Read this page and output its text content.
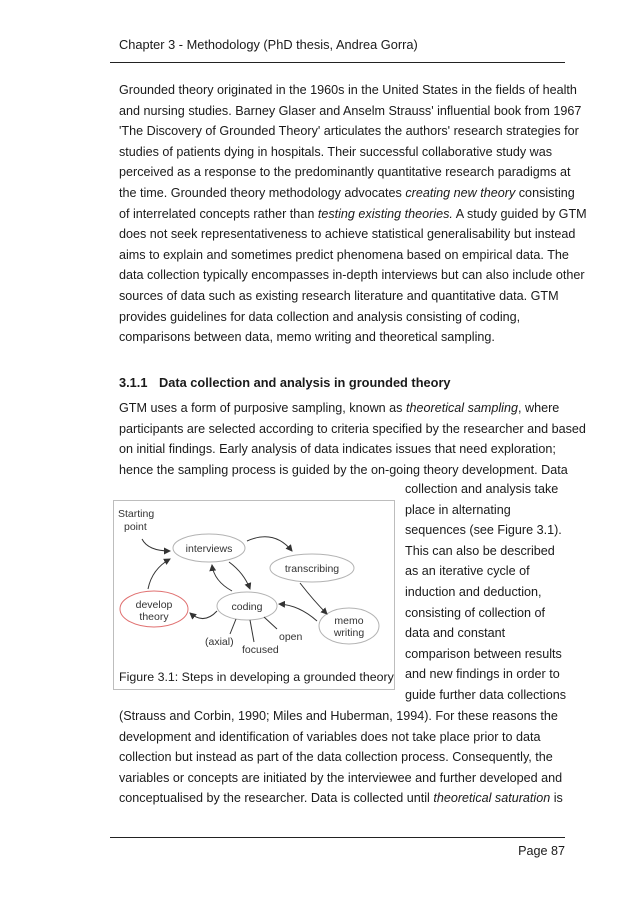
Chapter 3 - Methodology (PhD thesis, Andrea Gorra)

Grounded theory originated in the 1960s in the United States in the fields of health
and nursing studies. Barney Glaser and Anselm Strauss' influential book from 1967
'The Discovery of Grounded Theory' articulates the authors' research strategies for
studies of patients dying in hospitals. Their successful collaborative study was
perceived as a response to the predominantly quantitative research paradigms at
the time. Grounded theory methodology advocates creating new theory consisting
of interrelated concepts rather than testing existing theories. A study guided by GTM
does not seek representativeness to achieve statistical generalisability but instead
aims to explain and sometimes predict phenomena based on empirical data. The
data collection typically encompasses in-depth interviews but can also include other
sources of data such as existing research literature and quantitative data. GTM
provides guidelines for data collection and analysis consisting of coding,
comparisons between data, memo writing and theoretical sampling.

3.1.1 Data collection and analysis in grounded theory

GTM uses a form of purposive sampling, known as theoretical sampling, where
participants are selected according to criteria specified by the researcher and based
on initial findings. Early analysis of data indicates issues that need exploration;
hence the sampling process is guided by the on-going theory development. Data

collection and analysis take
place in alternating
sequences (see Figure 3.1).
This can also be described
as an iterative cycle of
induction and deduction,
consisting of collection of
data and constant
comparison between results
and new findings in order to
guide further data collections

Starting
point
interviews
transcribing
develop
theory
coding
memo
writing
(axial)
focused
open
Figure 3.1: Steps in developing a grounded theory

(Strauss and Corbin, 1990; Miles and Huberman, 1994). For these reasons the
development and identification of variables does not take place prior to data
collection but instead as part of the data collection process. Consequently, the
variables or concepts are initiated by the interviewee and further developed and
conceptualised by the researcher. Data is collected until theoretical saturation is

Page 87
